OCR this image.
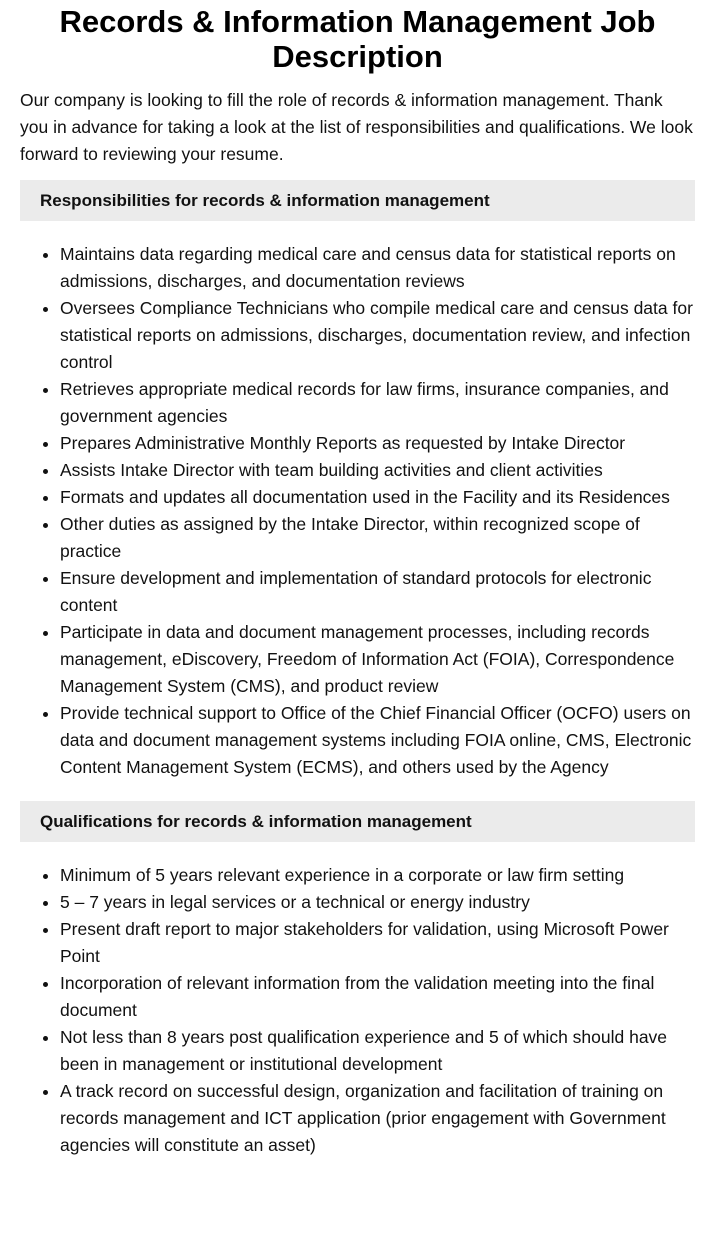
Records & Information Management Job Description

Our company is looking to fill the role of records & information management. Thank you in advance for taking a look at the list of responsibilities and qualifications. We look forward to reviewing your resume.

Responsibilities for records & information management
• Maintains data regarding medical care and census data for statistical reports on admissions, discharges, and documentation reviews
• Oversees Compliance Technicians who compile medical care and census data for statistical reports on admissions, discharges, documentation review, and infection control
• Retrieves appropriate medical records for law firms, insurance companies, and government agencies
• Prepares Administrative Monthly Reports as requested by Intake Director
• Assists Intake Director with team building activities and client activities
• Formats and updates all documentation used in the Facility and its Residences
• Other duties as assigned by the Intake Director, within recognized scope of practice
• Ensure development and implementation of standard protocols for electronic content
• Participate in data and document management processes, including records management, eDiscovery, Freedom of Information Act (FOIA), Correspondence Management System (CMS), and product review
• Provide technical support to Office of the Chief Financial Officer (OCFO) users on data and document management systems including FOIA online, CMS, Electronic Content Management System (ECMS), and others used by the Agency
Qualifications for records & information management
• Minimum of 5 years relevant experience in a corporate or law firm setting
• 5 – 7 years in legal services or a technical or energy industry
• Present draft report to major stakeholders for validation, using Microsoft Power Point
• Incorporation of relevant information from the validation meeting into the final document
• Not less than 8 years post qualification experience and 5 of which should have been in management or institutional development
• A track record on successful design, organization and facilitation of training on records management and ICT application (prior engagement with Government agencies will constitute an asset)
